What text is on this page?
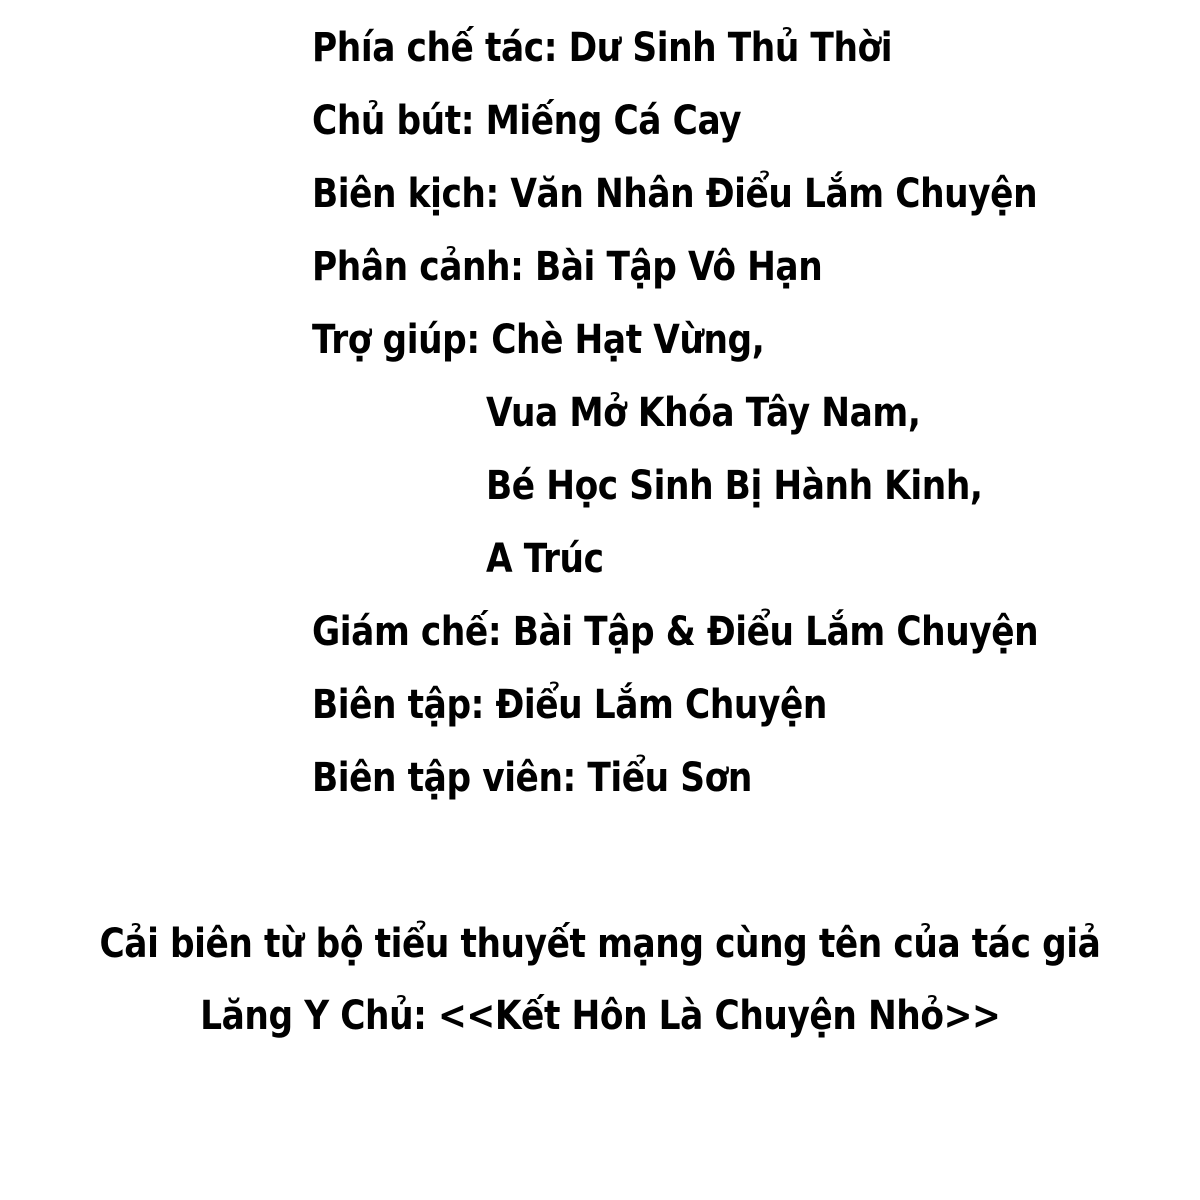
Phía chế tác: Dư Sinh Thủ Thời
Chủ bút: Miếng Cá Cay
Biên kịch: Văn Nhân Điểu Lắm Chuyện
Phân cảnh: Bài Tập Vô Hạn
Trợ giúp: Chè Hạt Vừng,
Vua Mở Khóa Tây Nam,
Bé Học Sinh Bị Hành Kinh,
A Trúc
Giám chế: Bài Tập & Điểu Lắm Chuyện
Biên tập: Điểu Lắm Chuyện
Biên tập viên: Tiểu Sơn
Cải biên từ bộ tiểu thuyết mạng cùng tên của tác giả
Lăng Y Chủ: <<Kết Hôn Là Chuyện Nhỏ>>
